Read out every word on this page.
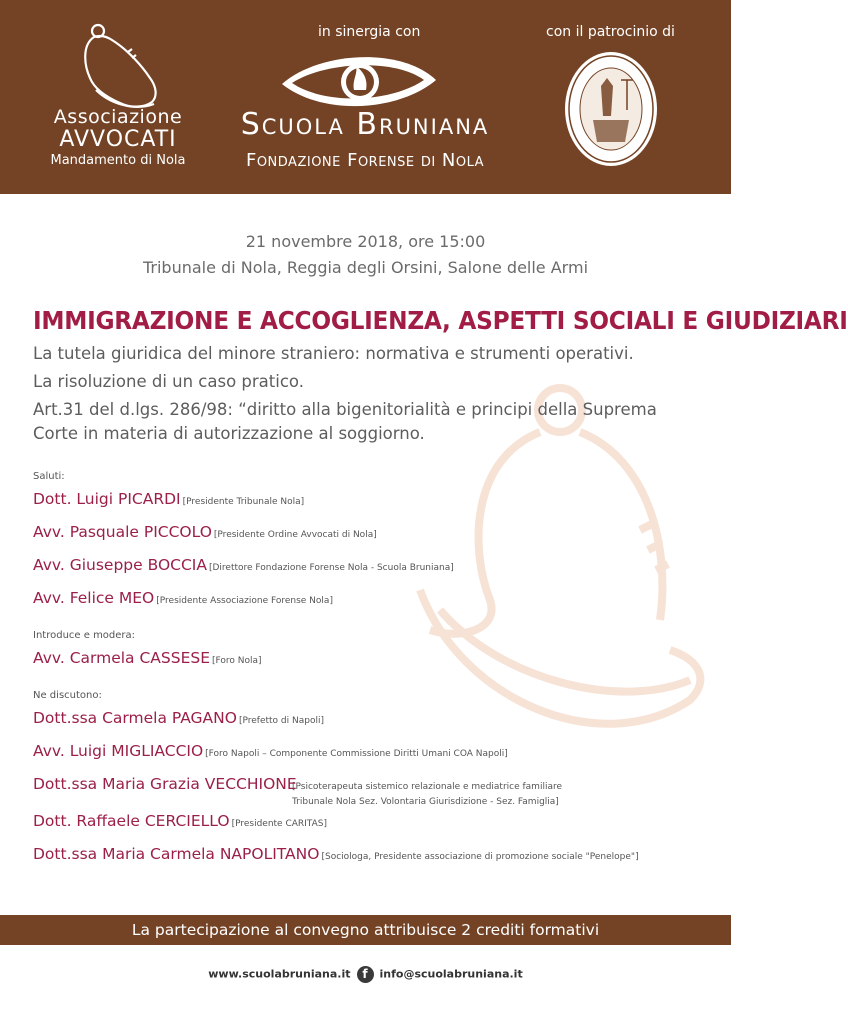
Associazione
AVVOCATI
Mandamento di Nola
in sinergia con
Scuola Bruniana
Fondazione Forense di Nola
con il patrocinio di
21 novembre 2018, ore 15:00
Tribunale di Nola, Reggia degli Orsini, Salone delle Armi
IMMIGRAZIONE E ACCOGLIENZA, ASPETTI SOCIALI E GIUDIZIARI
La tutela giuridica del minore straniero: normativa e strumenti operativi.
La risoluzione di un caso pratico.
Art.31 del d.lgs. 286/98: “diritto alla bigenitorialità e principi della Suprema Corte in materia di autorizzazione al soggiorno.
Saluti:
Dott. Luigi PICARDI [Presidente Tribunale Nola]
Avv. Pasquale PICCOLO [Presidente Ordine Avvocati di Nola]
Avv. Giuseppe BOCCIA [Direttore Fondazione Forense Nola - Scuola Bruniana]
Avv. Felice MEO [Presidente Associazione Forense Nola]
Introduce e modera:
Avv. Carmela CASSESE [Foro Nola]
Ne discutono:
Dott.ssa Carmela PAGANO [Prefetto di Napoli]
Avv. Luigi MIGLIACCIO [Foro Napoli – Componente Commissione Diritti Umani COA Napoli]
Dott.ssa Maria Grazia VECCHIONE
[Psicoterapeuta sistemico relazionale e mediatrice familiare
Tribunale Nola Sez. Volontaria Giurisdizione - Sez. Famiglia]
Dott. Raffaele CERCIELLO [Presidente CARITAS]
Dott.ssa Maria Carmela NAPOLITANO [Sociologa, Presidente associazione di promozione sociale "Penelope"]
La partecipazione al convegno attribuisce 2 crediti formativi
www.scuolabruniana.it f info@scuolabruniana.it
